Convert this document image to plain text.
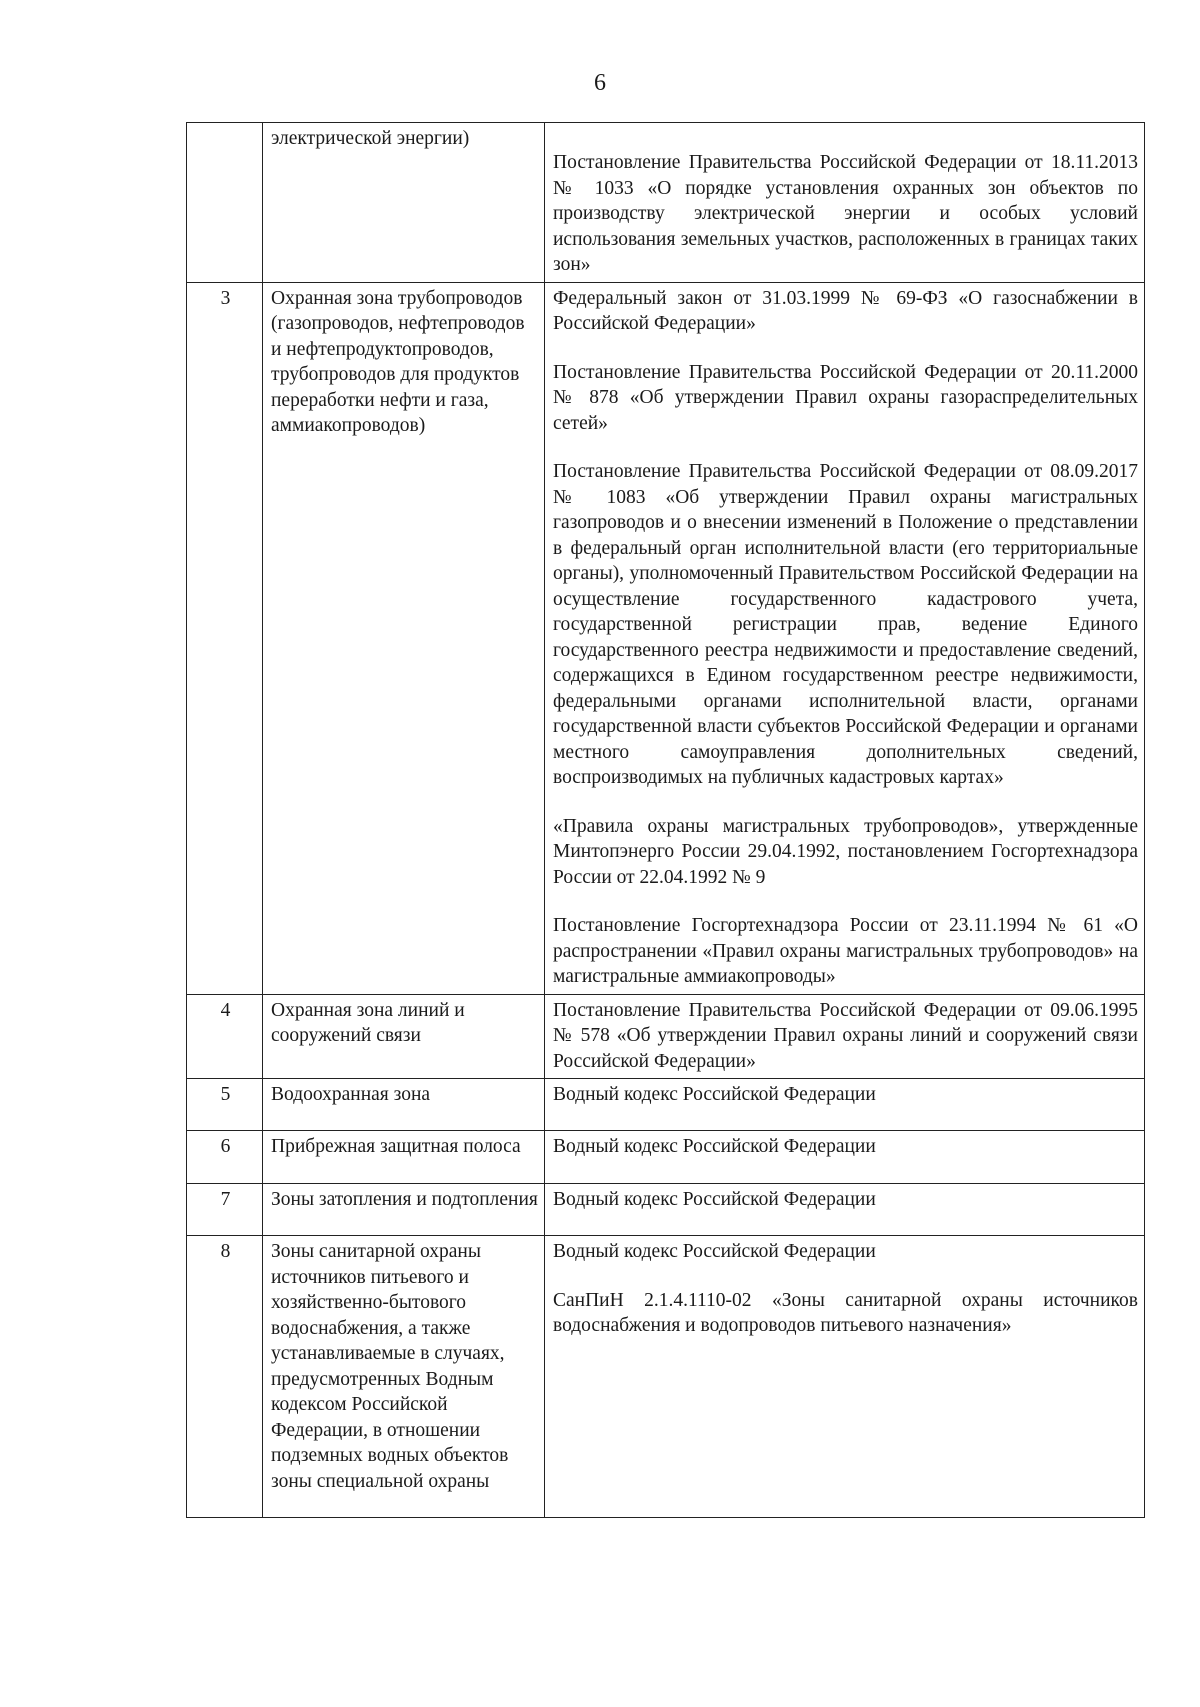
6
	электрической энергии)	Постановление Правительства Российской Федерации от 18.11.2013 № 1033 «О порядке установления охранных зон объектов по производству электрической энергии и особых условий использования земельных участков, расположенных в границах таких зон»

3	Охранная зона трубопроводов (газопроводов, нефтепроводов и нефтепродуктопроводов, трубопроводов для продуктов переработки нефти и газа, аммиакопроводов)	Федеральный закон от 31.03.1999 № 69-ФЗ «О газоснабжении в Российской Федерации»

Постановление Правительства Российской Федерации от 20.11.2000 № 878 «Об утверждении Правил охраны газораспределительных сетей»

Постановление Правительства Российской Федерации от 08.09.2017 № 1083 «Об утверждении Правил охраны магистральных газопроводов и о внесении изменений в Положение о представлении в федеральный орган исполнительной власти (его территориальные органы), уполномоченный Правительством Российской Федерации на осуществление государственного кадастрового учета, государственной регистрации прав, ведение Единого государственного реестра недвижимости и предоставление сведений, содержащихся в Едином государственном реестре недвижимости, федеральными органами исполнительной власти, органами государственной власти субъектов Российской Федерации и органами местного самоуправления дополнительных сведений, воспроизводимых на публичных кадастровых картах»

«Правила охраны магистральных трубопроводов», утвержденные Минтопэнерго России 29.04.1992, постановлением Госгортехнадзора России от 22.04.1992 № 9

Постановление Госгортехнадзора России от 23.11.1994 № 61 «О распространении «Правил охраны магистральных трубопроводов» на магистральные аммиакопроводы»

4	Охранная зона линий и сооружений связи	Постановление Правительства Российской Федерации от 09.06.1995 № 578 «Об утверждении Правил охраны линий и сооружений связи Российской Федерации»

5	Водоохранная зона	Водный кодекс Российской Федерации

6	Прибрежная защитная полоса	Водный кодекс Российской Федерации

7	Зоны затопления и подтопления	Водный кодекс Российской Федерации

8	Зоны санитарной охраны источников питьевого и хозяйственно-бытового водоснабжения, а также устанавливаемые в случаях, предусмотренных Водным кодексом Российской Федерации, в отношении подземных водных объектов зоны специальной охраны	Водный кодекс Российской Федерации

СанПиН 2.1.4.1110-02 «Зоны санитарной охраны источников водоснабжения и водопроводов питьевого назначения»
